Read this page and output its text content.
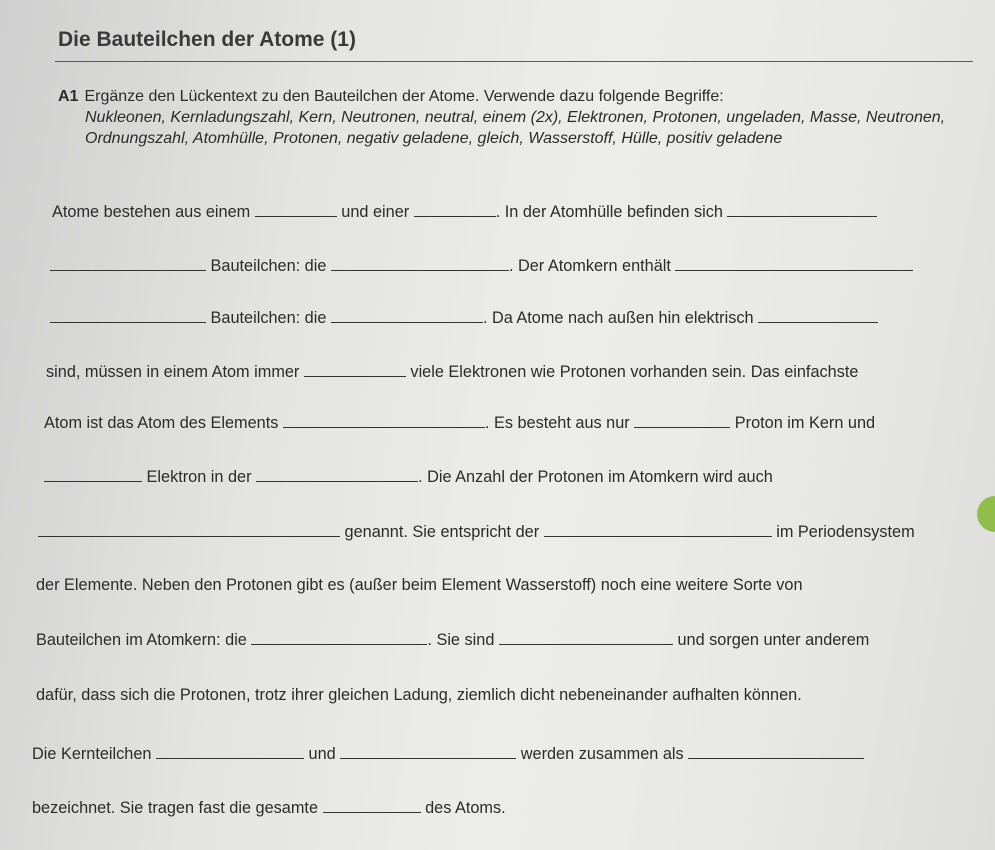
Die Bauteilchen der Atome (1)
A1 Ergänze den Lückentext zu den Bauteilchen der Atome. Verwende dazu folgende Begriffe:
Nukleonen, Kernladungszahl, Kern, Neutronen, neutral, einem (2x), Elektronen, Protonen, ungeladen, Masse, Neutronen, Ordnungszahl, Atomhülle, Protonen, negativ geladene, gleich, Wasserstoff, Hülle, positiv geladene
Atome bestehen aus einem	und einer	. In der Atomhülle befinden sich
Bauteilchen: die	. Der Atomkern enthält
Bauteilchen: die	. Da Atome nach außen hin elektrisch
sind, müssen in einem Atom immer	viele Elektronen wie Protonen vorhanden sein. Das einfachste
Atom ist das Atom des Elements	. Es besteht aus nur	Proton im Kern und
Elektron in der	. Die Anzahl der Protonen im Atomkern wird auch
genannt. Sie entspricht der	im Periodensystem
der Elemente. Neben den Protonen gibt es (außer beim Element Wasserstoff) noch eine weitere Sorte von
Bauteilchen im Atomkern: die	. Sie sind	und sorgen unter anderem
dafür, dass sich die Protonen, trotz ihrer gleichen Ladung, ziemlich dicht nebeneinander aufhalten können.
Die Kernteilchen	und	werden zusammen als
bezeichnet. Sie tragen fast die gesamte	des Atoms.
